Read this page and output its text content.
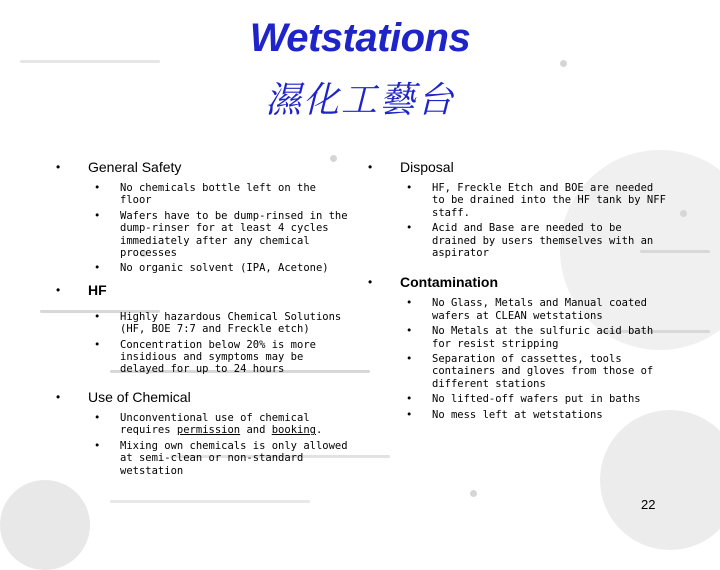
Wetstations
濕化工藝台
• General Safety
• No chemicals bottle left on the floor
• Wafers have to be dump-rinsed in the dump-rinser for at least 4 cycles immediately after any chemical processes
• No organic solvent (IPA, Acetone)
• HF
• Highly hazardous Chemical Solutions (HF, BOE 7:7 and Freckle etch)
• Concentration below 20% is more insidious and symptoms may be delayed for up to 24 hours
• Use of Chemical
• Unconventional use of chemical requires permission and booking.
• Mixing own chemicals is only allowed at semi-clean or non-standard wetstation
• Disposal
• HF, Freckle Etch and BOE are needed to be drained into the HF tank by NFF staff.
• Acid and Base are needed to be drained by users themselves with an aspirator
• Contamination
• No Glass, Metals and Manual coated wafers at CLEAN wetstations
• No Metals at the sulfuric acid bath for resist stripping
• Separation of cassettes, tools containers and gloves from those of different stations
• No lifted-off wafers put in baths
• No mess left at wetstations
22
